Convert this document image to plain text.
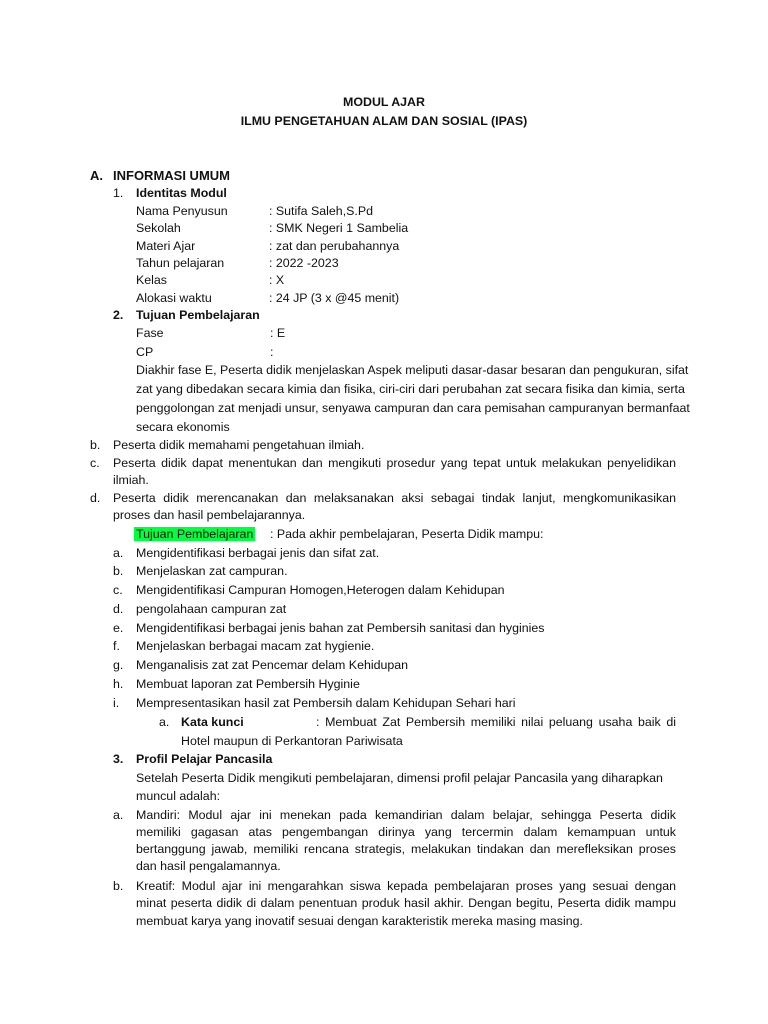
MODUL AJAR
ILMU PENGETAHUAN ALAM DAN SOSIAL (IPAS)
A. INFORMASI UMUM
1. Identitas Modul
Nama Penyusun	: Sutifa Saleh,S.Pd
Sekolah	: SMK Negeri 1 Sambelia
Materi Ajar	: zat dan perubahannya
Tahun pelajaran	: 2022 -2023
Kelas	: X
Alokasi waktu	: 24 JP (3 x @45 menit)
2. Tujuan Pembelajaran
Fase	: E
CP	:
Diakhir fase E, Peserta didik menjelaskan Aspek meliputi dasar-dasar besaran dan pengukuran, sifat
zat yang dibedakan secara kimia dan fisika, ciri-ciri dari perubahan zat secara fisika dan kimia, serta
penggolongan zat menjadi unsur, senyawa campuran dan cara pemisahan campuranyan bermanfaat
secara ekonomis
b. Peserta didik memahami pengetahuan ilmiah.
c. Peserta didik dapat menentukan dan mengikuti prosedur yang tepat untuk melakukan penyelidikan
ilmiah.
d. Peserta didik merencanakan dan melaksanakan aksi sebagai tindak lanjut, mengkomunikasikan
proses dan hasil pembelajarannya.
Tujuan Pembelajaran : Pada akhir pembelajaran, Peserta Didik mampu:
a. Mengidentifikasi berbagai jenis dan sifat zat.
b. Menjelaskan zat campuran.
c. Mengidentifikasi Campuran Homogen,Heterogen dalam Kehidupan
d. pengolahaan campuran zat
e. Mengidentifikasi berbagai jenis bahan zat Pembersih sanitasi dan hyginies
f. Menjelaskan berbagai macam zat hygienie.
g. Menganalisis zat zat Pencemar delam Kehidupan
h. Membuat laporan zat Pembersih Hyginie
i. Mempresentasikan hasil zat Pembersih dalam Kehidupan Sehari hari
a. Kata kunci	: Membuat Zat Pembersih memiliki nilai peluang usaha baik di
Hotel maupun di Perkantoran Pariwisata
3. Profil Pelajar Pancasila
Setelah Peserta Didik mengikuti pembelajaran, dimensi profil pelajar Pancasila yang diharapkan
muncul adalah:
a. Mandiri: Modul ajar ini menekan pada kemandirian dalam belajar, sehingga Peserta didik
memiliki gagasan atas pengembangan dirinya yang tercermin dalam kemampuan untuk
bertanggung jawab, memiliki rencana strategis, melakukan tindakan dan merefleksikan proses
dan hasil pengalamannya.
b. Kreatif: Modul ajar ini mengarahkan siswa kepada pembelajaran proses yang sesuai dengan
minat peserta didik di dalam penentuan produk hasil akhir. Dengan begitu, Peserta didik mampu
membuat karya yang inovatif sesuai dengan karakteristik mereka masing masing.
